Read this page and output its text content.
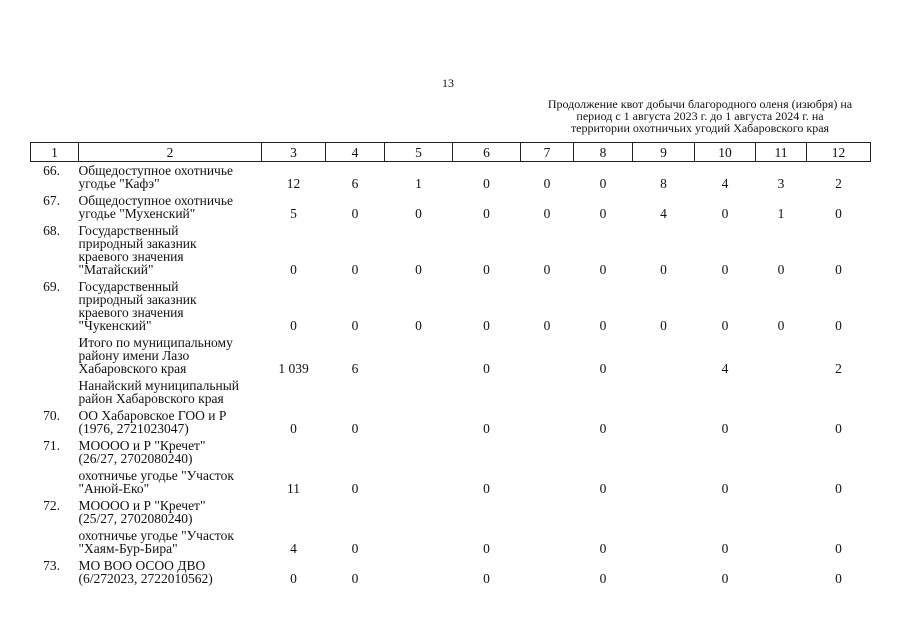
13
Продолжение квот добычи благородного оленя (изюбря) на
период с 1 августа 2023 г. до 1 августа 2024 г. на
территории охотничьих угодий Хабаровского края
1	2	3	4	5	6	7	8	9	10	11	12
66.	Общедоступное охотничье
угодье "Кафэ"	12	6	1	0	0	0	8	4	3	2
67.	Общедоступное охотничье
угодье "Мухенский"	5	0	0	0	0	0	4	0	1	0
68.	Государственный
природный заказник
краевого значения
"Матайский"	0	0	0	0	0	0	0	0	0	0
69.	Государственный
природный заказник
краевого значения
"Чукенский"	0	0	0	0	0	0	0	0	0	0
	Итого по муниципальному
району имени Лазо
Хабаровского края	1 039	6		0		0		4		2
	Нанайский муниципальный
район Хабаровского края										
70.	ОО Хабаровское ГОО и Р
(1976, 2721023047)	0	0		0		0		0		0
71.	МОООО и Р "Кречет"
(26/27, 2702080240)										
	охотничье угодье "Участок
"Анюй-Еко"	11	0		0		0		0		0
72.	МОООО и Р "Кречет"
(25/27, 2702080240)										
	охотничье угодье "Участок
"Хаям-Бур-Бира"	4	0		0		0		0		0
73.	МО ВОО ОСОО ДВО
(6/272023, 2722010562)	0	0		0		0		0		0
